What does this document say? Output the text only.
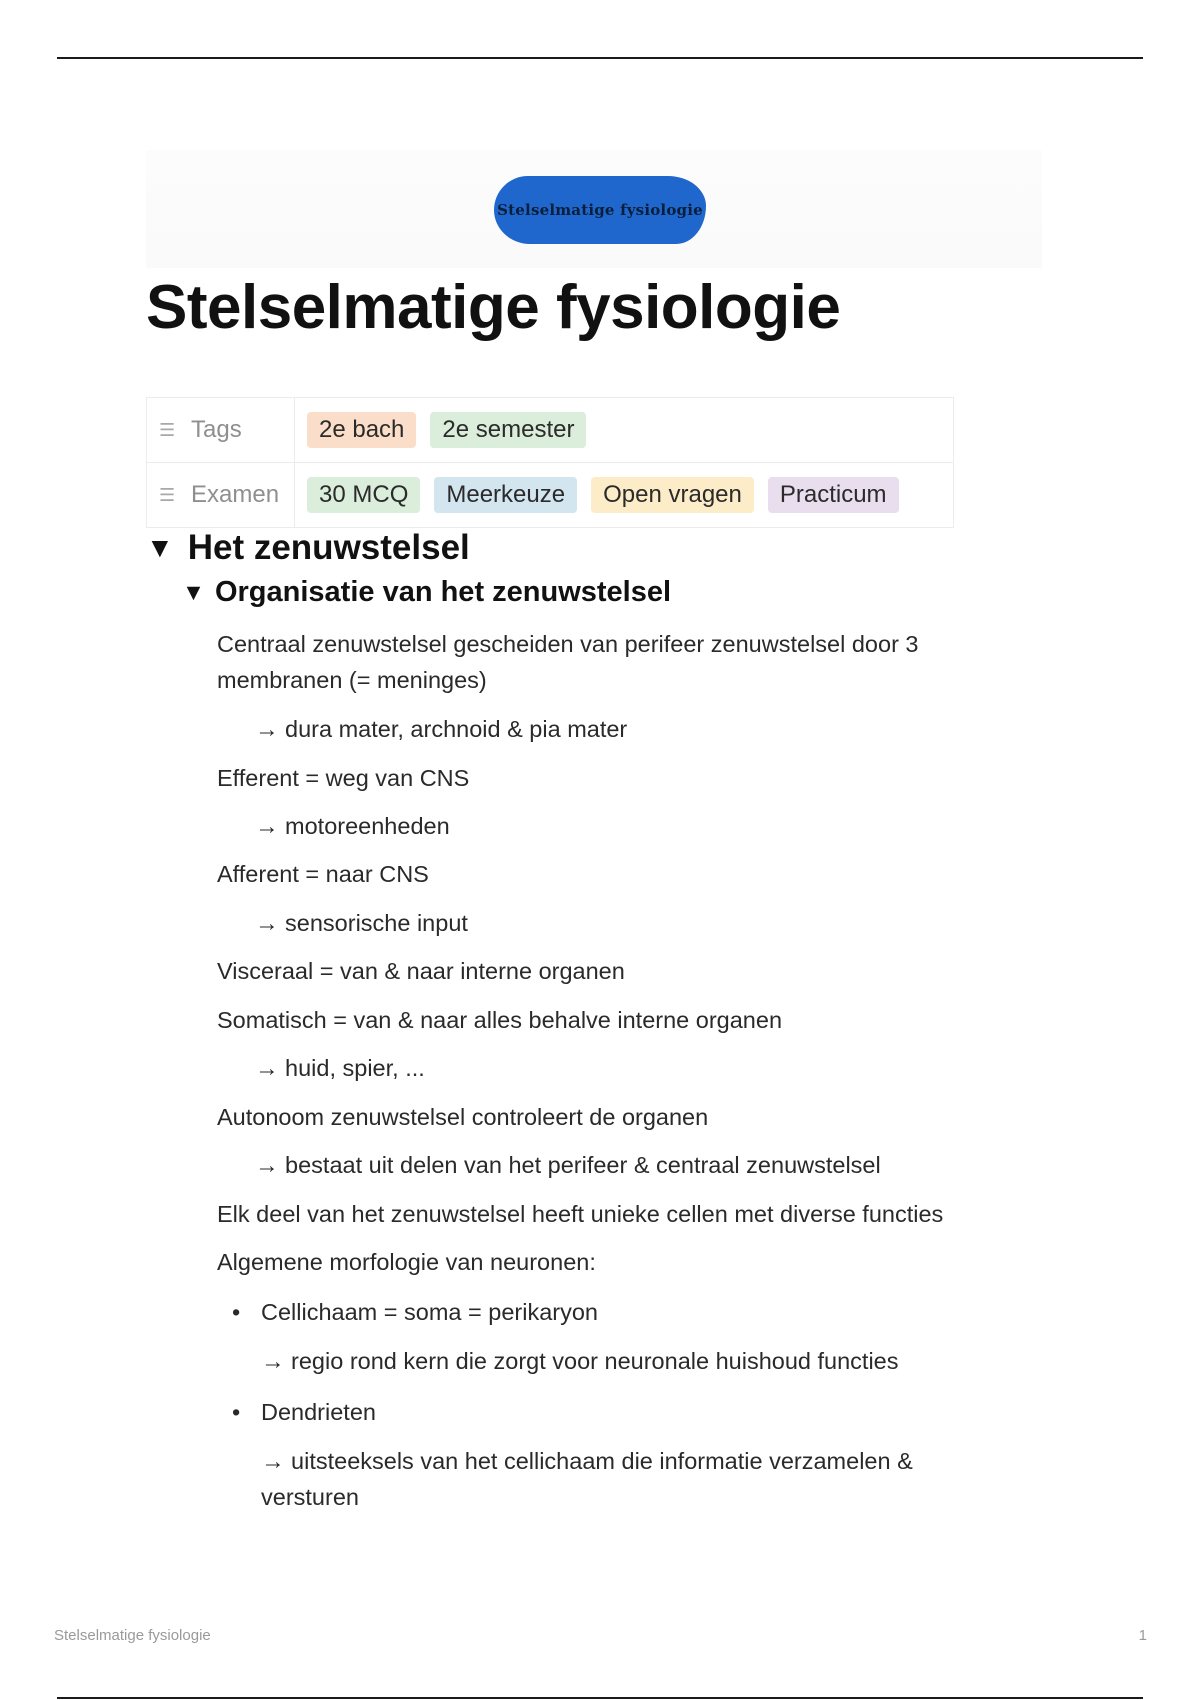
Stelselmatige fysiologie
Stelselmatige fysiologie
☰ Tags	2e bach	2e semester
☰ Examen	30 MCQ	Meerkeuze	Open vragen	Practicum
▼ Het zenuwstelsel
▼ Organisatie van het zenuwstelsel
Centraal zenuwstelsel gescheiden van perifeer zenuwstelsel door 3 membranen (= meninges)
→ dura mater, archnoid & pia mater
Efferent = weg van CNS
→ motoreenheden
Afferent = naar CNS
→ sensorische input
Visceraal = van & naar interne organen
Somatisch = van & naar alles behalve interne organen
→ huid, spier, ...
Autonoom zenuwstelsel controleert de organen
→ bestaat uit delen van het perifeer & centraal zenuwstelsel
Elk deel van het zenuwstelsel heeft unieke cellen met diverse functies
Algemene morfologie van neuronen:
• Cellichaam = soma = perikaryon
→ regio rond kern die zorgt voor neuronale huishoud functies
• Dendrieten
→ uitsteeksels van het cellichaam die informatie verzamelen & versturen
Stelselmatige fysiologie	1
